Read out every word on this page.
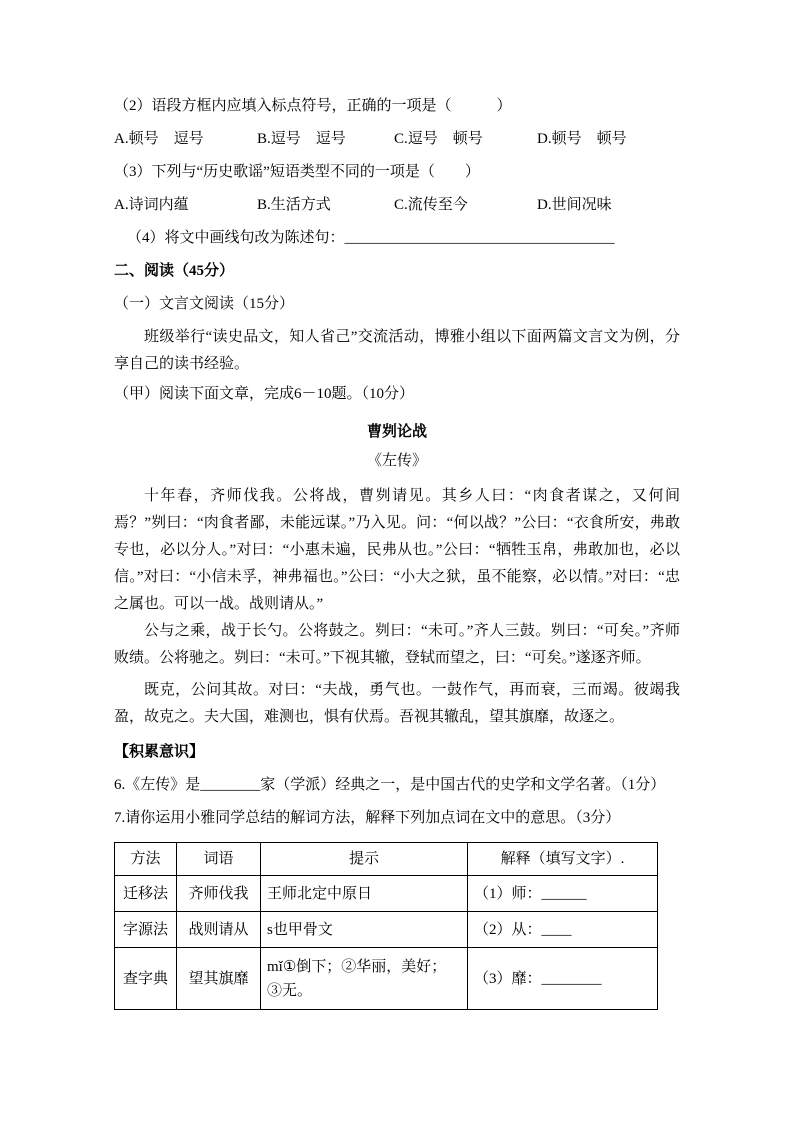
（2）语段方框内应填入标点符号，正确的一项是（　　　）
A.顿号　逗号	B.逗号　逗号	C.逗号　顿号	D.顿号　顿号
（3）下列与“历史歌谣”短语类型不同的一项是（　　）
A.诗词内蕴	B.生活方式	C.流传至今	D.世间况味
（4）将文中画线句改为陈述句：____________________________________
二、阅读（45分）
（一）文言文阅读（15分）

班级举行“读史品文，知人省己”交流活动，博雅小组以下面两篇文言文为例，分享自己的读书经验。

（甲）阅读下面文章，完成6－10题。（10分）
曹刿论战
《左传》

十年春，齐师伐我。公将战，曹刿请见。其乡人曰：“肉食者谋之，又何间焉？”刿曰：“肉食者鄙，未能远谋。”乃入见。问：“何以战？”公曰：“衣食所安，弗敢专也，必以分人。”对曰：“小惠未遍，民弗从也。”公曰：“牺牲玉帛，弗敢加也，必以信。”对曰：“小信未孚，神弗福也。”公曰：“小大之狱，虽不能察，必以情。”对曰：“忠之属也。可以一战。战则请从。”

公与之乘，战于长勺。公将鼓之。刿曰：“未可。”齐人三鼓。刿曰：“可矣。”齐师败绩。公将驰之。刿曰：“未可。”下视其辙，登轼而望之，曰：“可矣。”遂逐齐师。

既克，公问其故。对曰：“夫战，勇气也。一鼓作气，再而衰，三而竭。彼竭我盈，故克之。夫大国，难测也，惧有伏焉。吾视其辙乱，望其旗靡，故逐之。

【积累意识】
6.《左传》是________家（学派）经典之一，是中国古代的史学和文学名著。（1分）
7.请你运用小雅同学总结的解词方法，解释下列加点词在文中的意思。（3分）
方法	词语	提示	解释（填写文字）.
迁移法	齐师伐我	王师北定中原日	（1）师：______
字源法	战则请从	s也甲骨文	（2）从：____
查字典	望其旗靡	mǐ①倒下；②华丽，美好；③无。	（3）靡：________
